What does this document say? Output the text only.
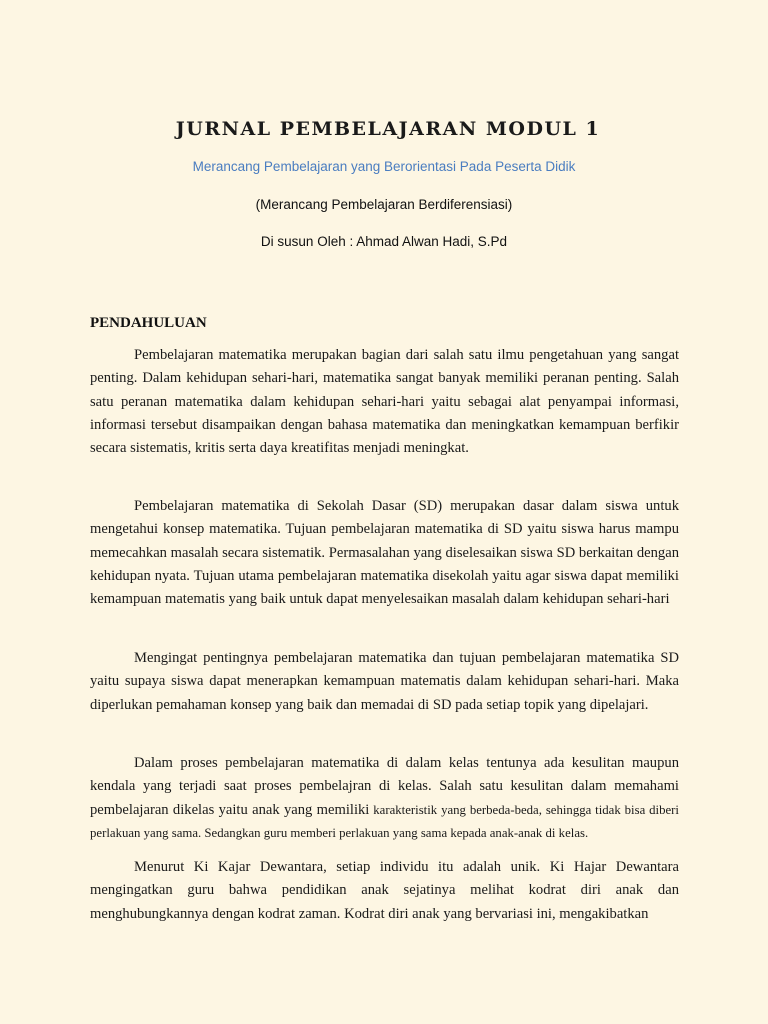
JURNAL PEMBELAJARAN MODUL 1
Merancang Pembelajaran yang Berorientasi Pada Peserta Didik
(Merancang Pembelajaran Berdiferensiasi)
Di susun Oleh : Ahmad Alwan Hadi, S.Pd
PENDAHULUAN

Pembelajaran matematika merupakan bagian dari salah satu ilmu pengetahuan yang sangat penting. Dalam kehidupan sehari-hari, matematika sangat banyak memiliki peranan penting. Salah satu peranan matematika dalam kehidupan sehari-hari yaitu sebagai alat penyampai informasi, informasi tersebut disampaikan dengan bahasa matematika dan meningkatkan kemampuan berfikir secara sistematis, kritis serta daya kreatifitas menjadi meningkat.

Pembelajaran matematika di Sekolah Dasar (SD) merupakan dasar dalam siswa untuk mengetahui konsep matematika. Tujuan pembelajaran matematika di SD yaitu siswa harus mampu memecahkan masalah secara sistematik. Permasalahan yang diselesaikan siswa SD berkaitan dengan kehidupan nyata. Tujuan utama pembelajaran matematika disekolah yaitu agar siswa dapat memiliki kemampuan matematis yang baik untuk dapat menyelesaikan masalah dalam kehidupan sehari-hari

Mengingat pentingnya pembelajaran matematika dan tujuan pembelajaran matematika SD yaitu supaya siswa dapat menerapkan kemampuan matematis dalam kehidupan sehari-hari. Maka diperlukan pemahaman konsep yang baik dan memadai di SD pada setiap topik yang dipelajari.

Dalam proses pembelajaran matematika di dalam kelas tentunya ada kesulitan maupun kendala yang terjadi saat proses pembelajran di kelas. Salah satu kesulitan dalam memahami pembelajaran dikelas yaitu anak yang memiliki karakteristik yang berbeda-beda, sehingga tidak bisa diberi perlakuan yang sama. Sedangkan guru memberi perlakuan yang sama kepada anak-anak di kelas.

Menurut Ki Kajar Dewantara, setiap individu itu adalah unik. Ki Hajar Dewantara mengingatkan guru bahwa pendidikan anak sejatinya melihat kodrat diri anak dan menghubungkannya dengan kodrat zaman. Kodrat diri anak yang bervariasi ini, mengakibatkan
